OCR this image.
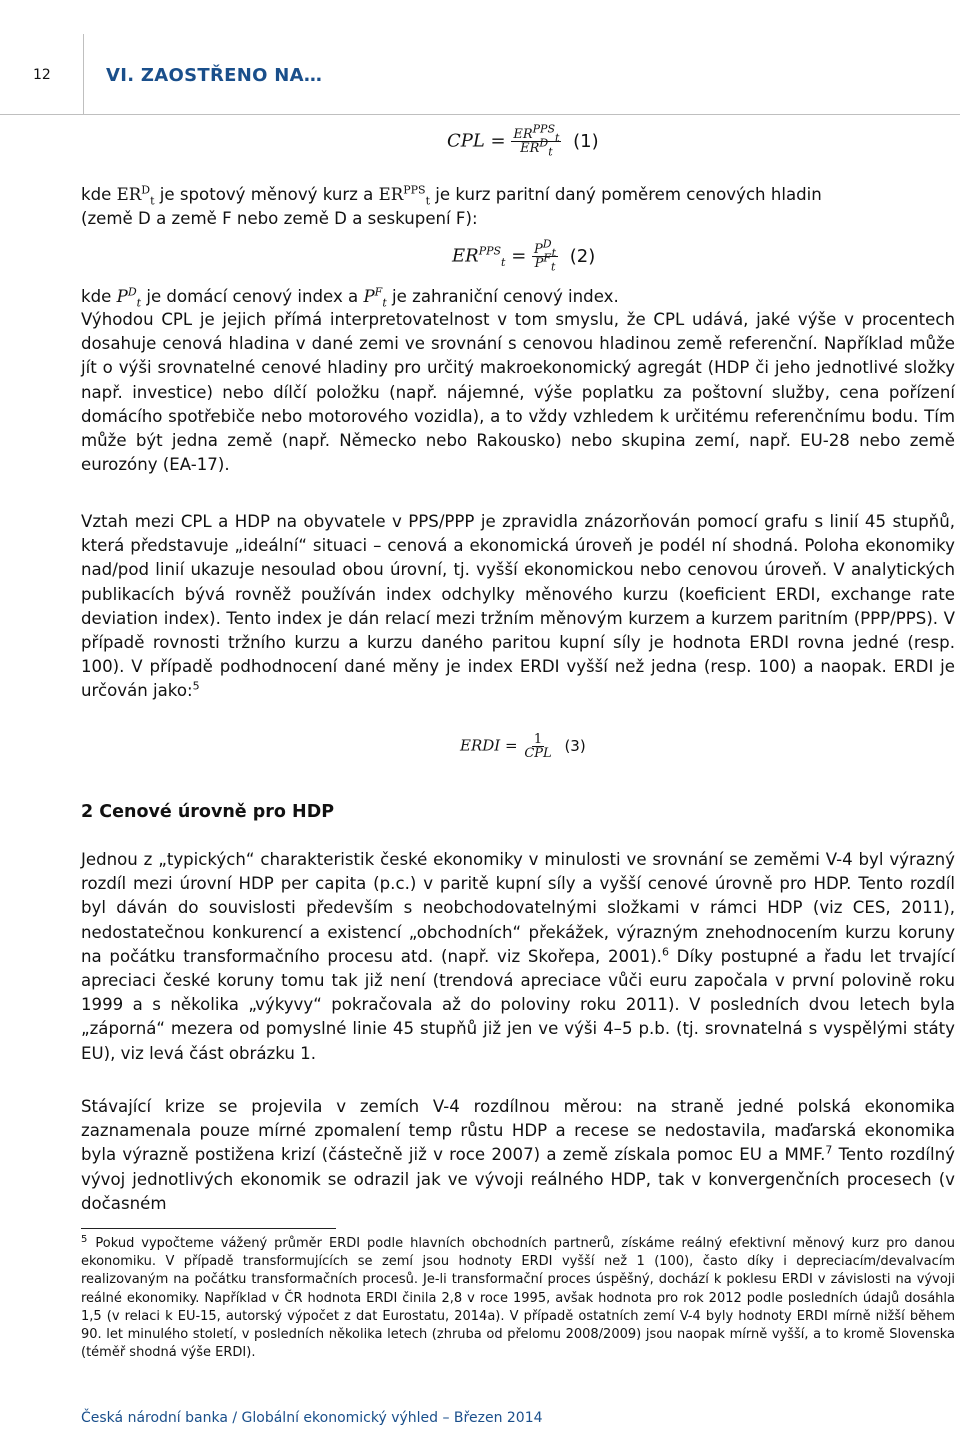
12	VI. ZAOSTŘENO NA…
CPL = $\frac{ER^{PPS}_t}{ER^D_t} (1)$
kde $ER^D_t$ je spotový měnový kurz a $ER^{PPS}_t$ je kurz paritní daný poměrem cenových hladin
(země D a země F nebo země D a seskupení F):
$ER^{PPS}_t = \frac{P^D_t}{P^F_t} (2)$
kde $P^D_t$ je domácí cenový index a $P^F_t$ je zahraniční cenový index.
Výhodou CPL je jejich přímá interpretovatelnost v tom smyslu, že CPL udává, jaké výše v procentech dosahuje cenová hladina v dané zemi ve srovnání s cenovou hladinou země referenční. Například může jít o výši srovnatelné cenové hladiny pro určitý makroekonomický agregát (HDP či jeho jednotlivé složky např. investice) nebo dílčí položku (např. nájemné, výše poplatku za poštovní služby, cena pořízení domácího spotřebiče nebo motorového vozidla), a to vždy vzhledem k určitému referenčnímu bodu. Tím může být jedna země (např. Německo nebo Rakousko) nebo skupina zemí, např. EU-28 nebo země eurozóny (EA-17).
Vztah mezi CPL a HDP na obyvatele v PPS/PPP je zpravidla znázorňován pomocí grafu s linií 45 stupňů, která představuje „ideální“ situaci – cenová a ekonomická úroveň je podél ní shodná. Poloha ekonomiky nad/pod linií ukazuje nesoulad obou úrovní, tj. vyšší ekonomickou nebo cenovou úroveň. V analytických publikacích bývá rovněž používán index odchylky měnového kurzu (koeficient ERDI, exchange rate deviation index). Tento index je dán relací mezi tržním měnovým kurzem a kurzem paritním (PPP/PPS). V případě rovnosti tržního kurzu a kurzu daného paritou kupní síly je hodnota ERDI rovna jedné (resp. 100). V případě podhodnocení dané měny je index ERDI vyšší než jedna (resp. 100) a naopak. ERDI je určován jako:$^5$
ERDI = $\frac{1}{\text{CPL}} (3)$
2 Cenové úrovně pro HDP
Jednou z „typických“ charakteristik české ekonomiky v minulosti ve srovnání se zeměmi V-4 byl výrazný rozdíl mezi úrovní HDP per capita (p.c.) v paritě kupní síly a vyšší cenové úrovně pro HDP. Tento rozdíl byl dáván do souvislosti především s neobchodovatelnými složkami v rámci HDP (viz CES, 2011), nedostatečnou konkurencí a existencí „obchodních“ překážek, výrazným znehodnocením kurzu koruny na počátku transformačního procesu atd. (např. viz Skořepa, 2001).$^6$ Díky postupné a řadu let trvající apreciaci české koruny tomu tak již není (trendová apreciace vůči euru započala v první polovině roku 1999 a s několika „výkyvy“ pokračovala až do poloviny roku 2011). V posledních dvou letech byla „záporná“ mezera od pomyslné linie 45 stupňů již jen ve výši 4–5 p.b. (tj. srovnatelná s vyspělými státy EU), viz levá část obrázku 1.
Stávající krize se projevila v zemích V-4 rozdílnou měrou: na straně jedné polská ekonomika zaznamenala pouze mírné zpomalení temp růstu HDP a recese se nedostavila, maďarská ekonomika byla výrazně postižena krizí (částečně již v roce 2007) a země získala pomoc EU a MMF.$^7$ Tento rozdílný vývoj jednotlivých ekonomik se odrazil jak ve vývoji reálného HDP, tak v konvergenčních procesech (v dočasném
$^5$ Pokud vypočteme vážený průměr ERDI podle hlavních obchodních partnerů, získáme reálný efektivní měnový kurz pro danou ekonomiku. V případě transformujících se zemí jsou hodnoty ERDI vyšší než 1 (100), často díky i depreciacím/devalvacím realizovaným na počátku transformačních procesů. Je-li transformační proces úspěšný, dochází k poklesu ERDI v závislosti na vývoji reálné ekonomiky. Například v ČR hodnota ERDI činila 2,8 v roce 1995, avšak hodnota pro rok 2012 podle posledních údajů dosáhla 1,5 (v relaci k EU-15, autorský výpočet z dat Eurostatu, 2014a). V případě ostatních zemí V-4 byly hodnoty ERDI mírně nižší během 90. let minulého století, v posledních několika letech (zhruba od přelomu 2008/2009) jsou naopak mírně vyšší, a to kromě Slovenska (téměř shodná výše ERDI).
Česká národní banka / Globální ekonomický výhled – Březen 2014
